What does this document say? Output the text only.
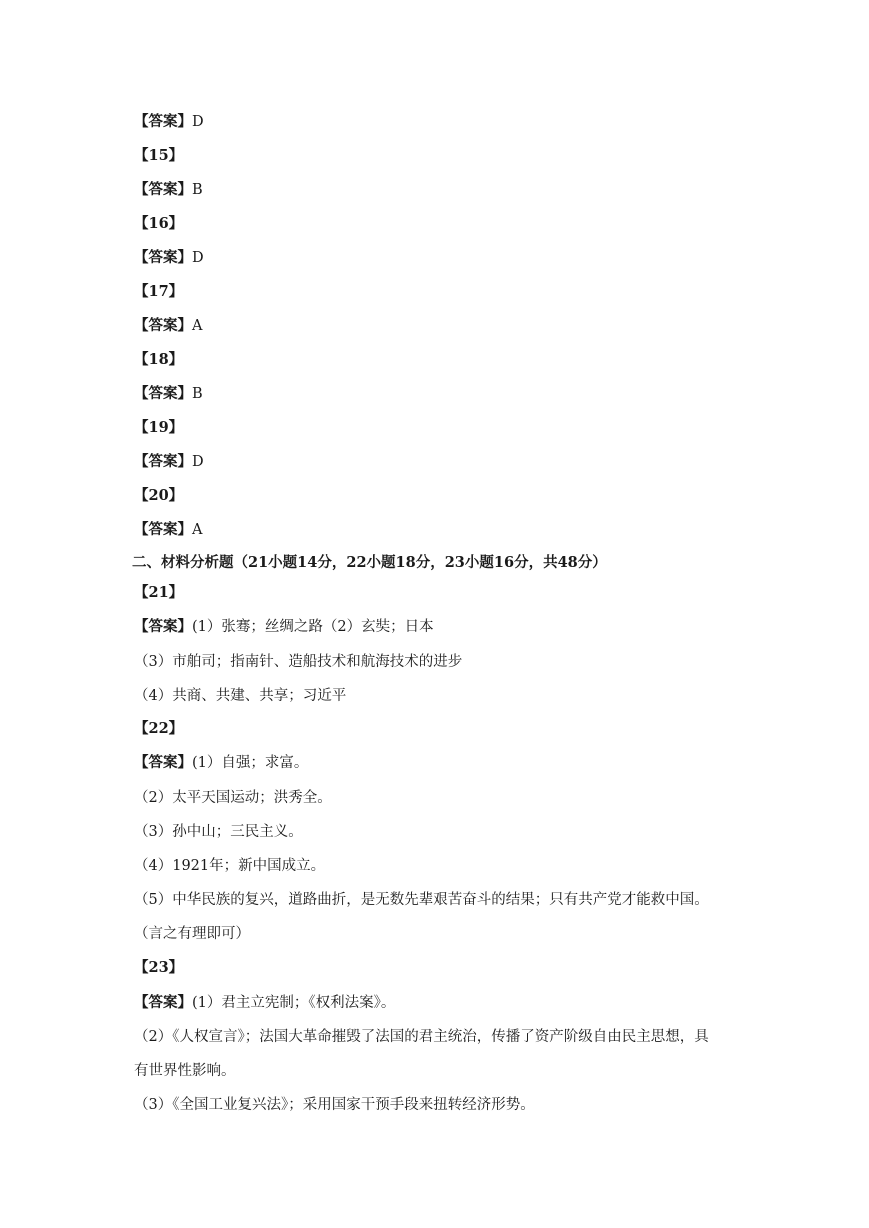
【答案】D
【15】
【答案】B
【16】
【答案】D
【17】
【答案】A
【18】
【答案】B
【19】
【答案】D
【20】
【答案】A
二、材料分析题（21小题14分，22小题18分，23小题16分，共48分）
【21】
【答案】(1）张骞；丝绸之路（2）玄奘；日本
（3）市舶司；指南针、造船技术和航海技术的进步
（4）共商、共建、共享；习近平
【22】
【答案】(1）自强；求富。
（2）太平天国运动；洪秀全。
（3）孙中山；三民主义。
（4）1921年；新中国成立。
（5）中华民族的复兴，道路曲折，是无数先辈艰苦奋斗的结果；只有共产党才能救中国。
（言之有理即可）
【23】
【答案】(1）君主立宪制；《权利法案》。
（2）《人权宣言》；法国大革命摧毁了法国的君主统治，传播了资产阶级自由民主思想，具
有世界性影响。
（3）《全国工业复兴法》；采用国家干预手段来扭转经济形势。
